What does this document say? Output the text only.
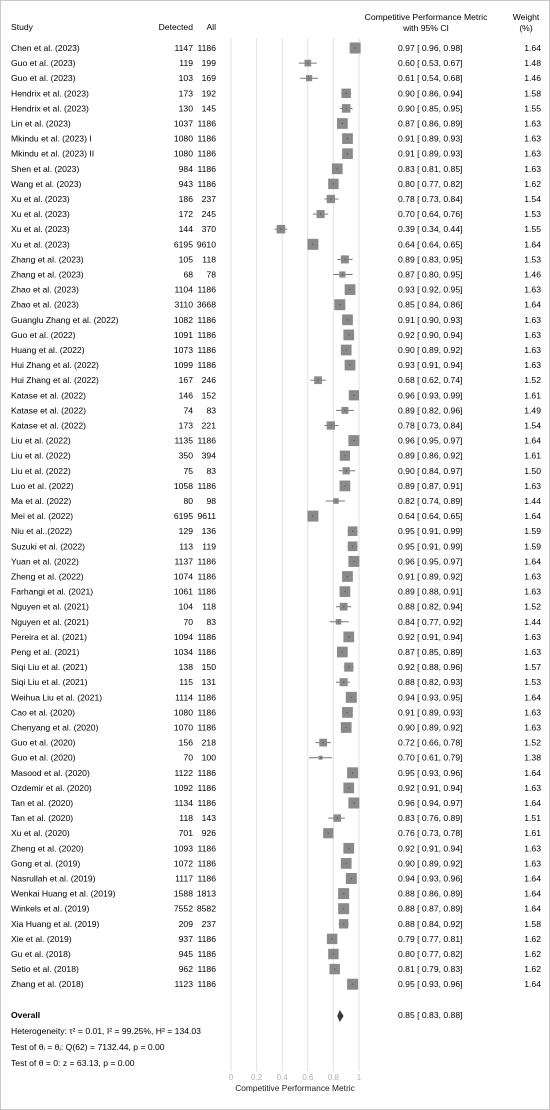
Study	Detected All
Competitive Performance Metric
with 95% CI
Weight
(%)
Chen et al. (2023)	1147 1186	0.97 [ 0.96, 0.98]	1.64
Guo et al. (2023)	119 199	0.60 [ 0.53, 0.67]	1.48
Guo et al. (2023)	103 169	0.61 [ 0.54, 0.68]	1.46
Hendrix et al. (2023)	173 192	0.90 [ 0.86, 0.94]	1.58
Hendrix et al. (2023)	130 145	0.90 [ 0.85, 0.95]	1.55
Lin et al. (2023)	1037 1186	0.87 [ 0.86, 0.89]	1.63
Mkindu et al. (2023) I	1080 1186	0.91 [ 0.89, 0.93]	1.63
Mkindu et al. (2023) II	1080 1186	0.91 [ 0.89, 0.93]	1.63
Shen et al. (2023)	984 1186	0.83 [ 0.81, 0.85]	1.63
Wang et al. (2023)	943 1186	0.80 [ 0.77, 0.82]	1.62
Xu et al. (2023)	186 237	0.78 [ 0.73, 0.84]	1.54
Xu et al. (2023)	172 245	0.70 [ 0.64, 0.76]	1.53
Xu et al. (2023)	144 370	0.39 [ 0.34, 0.44]	1.55
Xu et al. (2023)	6195 9610	0.64 [ 0.64, 0.65]	1.64
Zhang et al. (2023)	105 118	0.89 [ 0.83, 0.95]	1.53
Zhang et al. (2023)	68 78	0.87 [ 0.80, 0.95]	1.46
Zhao et al. (2023)	1104 1186	0.93 [ 0.92, 0.95]	1.63
Zhao et al. (2023)	3110 3668	0.85 [ 0.84, 0.86]	1.64
Guanglu Zhang et al. (2022)	1082 1186	0.91 [ 0.90, 0.93]	1.63
Guo et al. (2022)	1091 1186	0.92 [ 0.90, 0.94]	1.63
Huang et al. (2022)	1073 1186	0.90 [ 0.89, 0.92]	1.63
Hui Zhang et al. (2022)	1099 1186	0.93 [ 0.91, 0.94]	1.63
Hui Zhang et al. (2022)	167 246	0.68 [ 0.62, 0.74]	1.52
Katase et al. (2022)	146 152	0.96 [ 0.93, 0.99]	1.61
Katase et al. (2022)	74 83	0.89 [ 0.82, 0.96]	1.49
Katase et al. (2022)	173 221	0.78 [ 0.73, 0.84]	1.54
Liu et al. (2022)	1135 1186	0.96 [ 0.95, 0.97]	1.64
Liu et al. (2022)	350 394	0.89 [ 0.86, 0.92]	1.61
Liu et al. (2022)	75 83	0.90 [ 0.84, 0.97]	1.50
Luo et al. (2022)	1058 1186	0.89 [ 0.87, 0.91]	1.63
Ma et al. (2022)	80 98	0.82 [ 0.74, 0.89]	1.44
Mei et al. (2022)	6195 9611	0.64 [ 0.64, 0.65]	1.64
Niu et al..(2022)	129 136	0.95 [ 0.91, 0.99]	1.59
Suzuki et al. (2022)	113 119	0.95 [ 0.91, 0.99]	1.59
Yuan et al. (2022)	1137 1186	0.96 [ 0.95, 0.97]	1.64
Zheng et al. (2022)	1074 1186	0.91 [ 0.89, 0.92]	1.63
Farhangi et al. (2021)	1061 1186	0.89 [ 0.88, 0.91]	1.63
Nguyen et al. (2021)	104 118	0.88 [ 0.82, 0.94]	1.52
Nguyen et al. (2021)	70 83	0.84 [ 0.77, 0.92]	1.44
Pereira et al. (2021)	1094 1186	0.92 [ 0.91, 0.94]	1.63
Peng et al. (2021)	1034 1186	0.87 [ 0.85, 0.89]	1.63
Siqi Liu et al. (2021)	138 150	0.92 [ 0.88, 0.96]	1.57
Siqi Liu et al. (2021)	115 131	0.88 [ 0.82, 0.93]	1.53
Weihua Liu et al. (2021)	1114 1186	0.94 [ 0.93, 0.95]	1.64
Cao et al. (2020)	1080 1186	0.91 [ 0.89, 0.93]	1.63
Chenyang et al. (2020)	1070 1186	0.90 [ 0.89, 0.92]	1.63
Guo et al. (2020)	156 218	0.72 [ 0.66, 0.78]	1.52
Guo et al. (2020)	70 100	0.70 [ 0.61, 0.79]	1.38
Masood et al. (2020)	1122 1186	0.95 [ 0.93, 0.96]	1.64
Ozdemir et al. (2020)	1092 1186	0.92 [ 0.91, 0.94]	1.63
Tan et al. (2020)	1134 1186	0.96 [ 0.94, 0.97]	1.64
Tan et al. (2020)	118 143	0.83 [ 0.76, 0.89]	1.51
Xu et al. (2020)	701 926	0.76 [ 0.73, 0.78]	1.61
Zheng et al. (2020)	1093 1186	0.92 [ 0.91, 0.94]	1.63
Gong et al. (2019)	1072 1186	0.90 [ 0.89, 0.92]	1.63
Nasrullah et al. (2019)	1117 1186	0.94 [ 0.93, 0.96]	1.64
Wenkai Huang et al. (2019)	1588 1813	0.88 [ 0.86, 0.89]	1.64
Winkels et al. (2019)	7552 8582	0.88 [ 0.87, 0.89]	1.64
Xia Huang et al. (2019)	209 237	0.88 [ 0.84, 0.92]	1.58
Xie et al. (2019)	937 1186	0.79 [ 0.77, 0.81]	1.62
Gu et al. (2018)	945 1186	0.80 [ 0.77, 0.82]	1.62
Setio et al. (2018)	962 1186	0.81 [ 0.79, 0.83]	1.62
Zhang et al. (2018)	1123 1186	0.95 [ 0.93, 0.96]	1.64
Overall	0.85 [ 0.83, 0.88]
Heterogeneity: τ² = 0.01, I² = 99.25%, H² = 134.03
Test of θᵢ = θⱼ: Q(62) = 7132.44, p = 0.00
Test of θ = 0: z = 63.13, p = 0.00
0 0.2 0.4 0.6 0.8 1
Competitive Performance Metric
